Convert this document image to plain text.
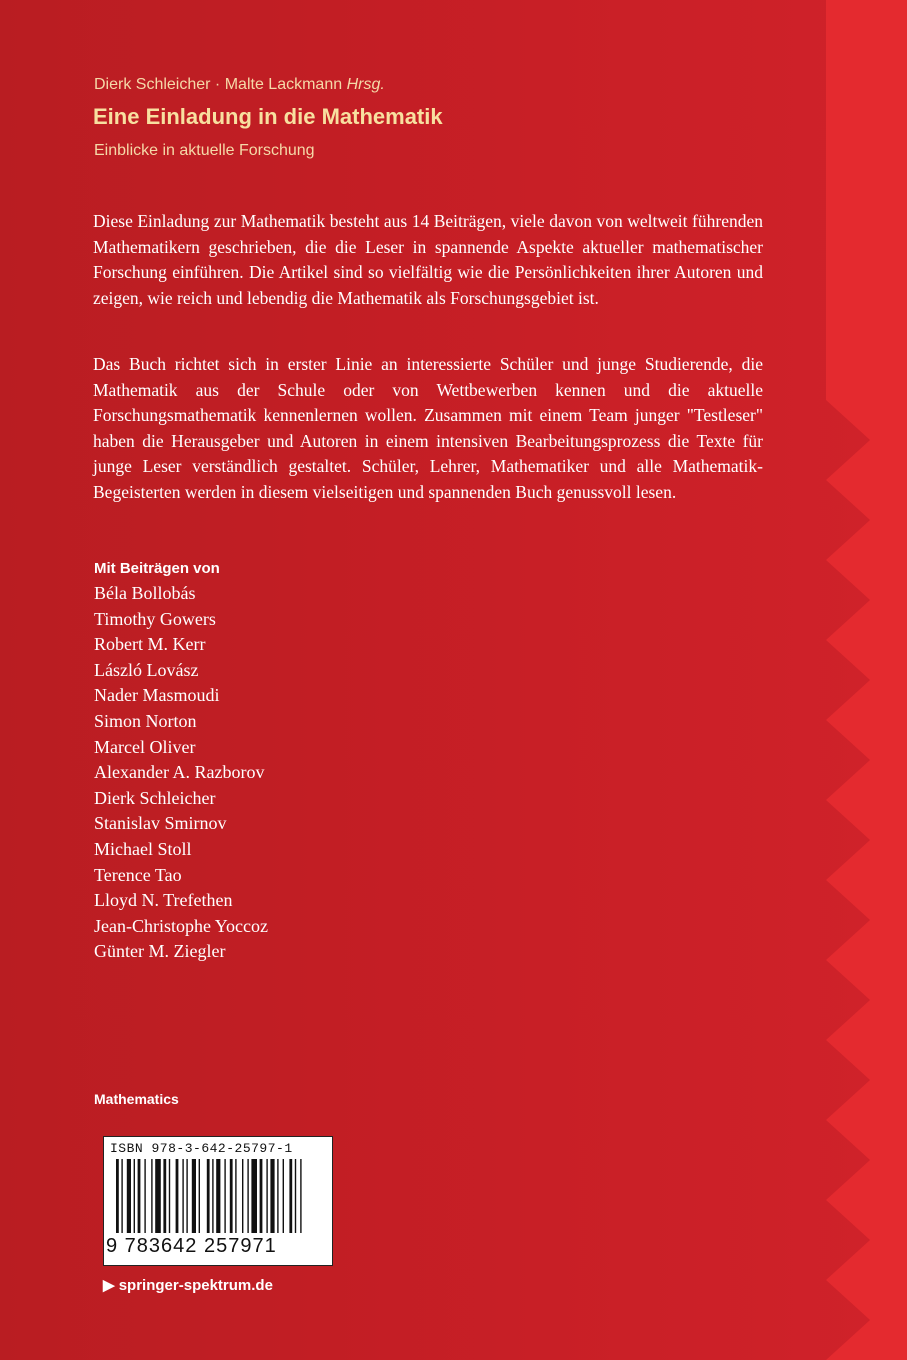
Dierk Schleicher · Malte Lackmann Hrsg.
Eine Einladung in die Mathematik
Einblicke in aktuelle Forschung

Diese Einladung zur Mathematik besteht aus 14 Beiträgen, viele davon von weltweit führenden Mathematikern geschrieben, die die Leser in spannende Aspekte aktueller mathematischer Forschung einführen. Die Artikel sind so vielfältig wie die Persönlichkeiten ihrer Autoren und zeigen, wie reich und lebendig die Mathematik als Forschungsgebiet ist.

Das Buch richtet sich in erster Linie an interessierte Schüler und junge Studierende, die Mathematik aus der Schule oder von Wettbewerben kennen und die aktuelle Forschungsmathematik kennenlernen wollen. Zusammen mit einem Team junger "Testleser" haben die Herausgeber und Autoren in einem intensiven Bearbeitungsprozess die Texte für junge Leser verständlich gestaltet. Schüler, Lehrer, Mathematiker und alle Mathematik-Begeisterten werden in diesem vielseitigen und spannenden Buch genussvoll lesen.

Mit Beiträgen von
Béla Bollobás
Timothy Gowers
Robert M. Kerr
László Lovász
Nader Masmoudi
Simon Norton
Marcel Oliver
Alexander A. Razborov
Dierk Schleicher
Stanislav Smirnov
Michael Stoll
Terence Tao
Lloyd N. Trefethen
Jean-Christophe Yoccoz
Günter M. Ziegler
Mathematics
ISBN 978-3-642-25797-1
9 783642 257971
▶ springer-spektrum.de
